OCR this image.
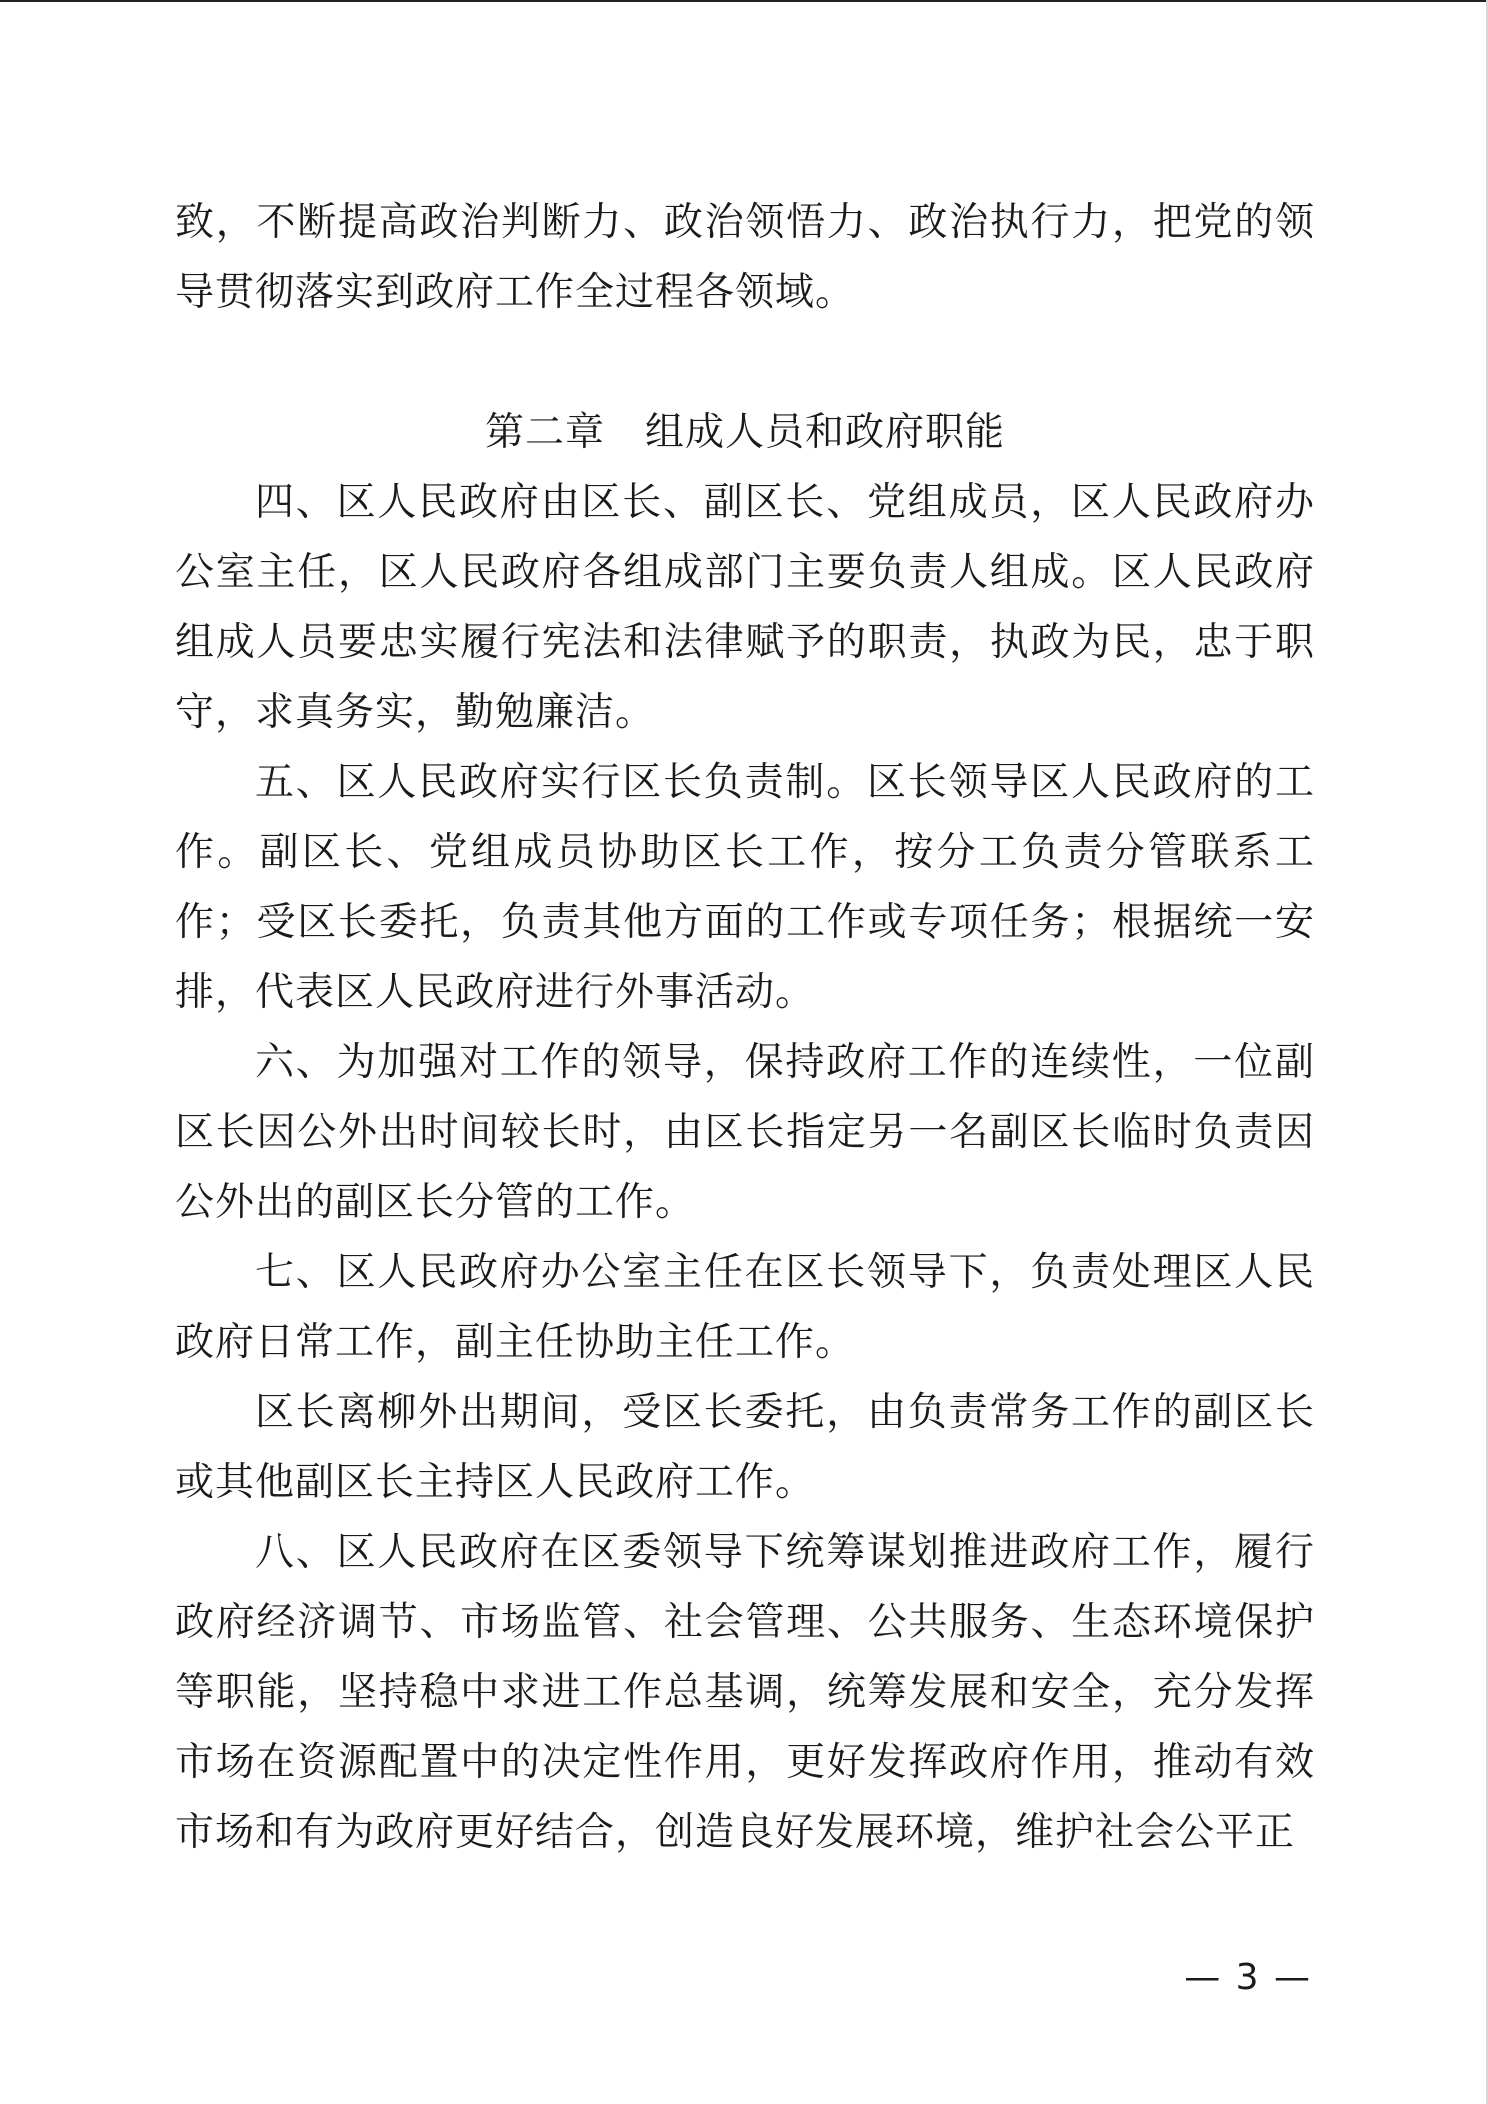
致，不断提高政治判断力、政治领悟力、政治执行力，把党的领导贯彻落实到政府工作全过程各领域。

第二章　组成人员和政府职能

四、区人民政府由区长、副区长、党组成员，区人民政府办公室主任，区人民政府各组成部门主要负责人组成。区人民政府组成人员要忠实履行宪法和法律赋予的职责，执政为民，忠于职守，求真务实，勤勉廉洁。

五、区人民政府实行区长负责制。区长领导区人民政府的工作。副区长、党组成员协助区长工作，按分工负责分管联系工作；受区长委托，负责其他方面的工作或专项任务；根据统一安排，代表区人民政府进行外事活动。

六、为加强对工作的领导，保持政府工作的连续性，一位副区长因公外出时间较长时，由区长指定另一名副区长临时负责因公外出的副区长分管的工作。

七、区人民政府办公室主任在区长领导下，负责处理区人民政府日常工作，副主任协助主任工作。

区长离柳外出期间，受区长委托，由负责常务工作的副区长或其他副区长主持区人民政府工作。

八、区人民政府在区委领导下统筹谋划推进政府工作，履行政府经济调节、市场监管、社会管理、公共服务、生态环境保护等职能，坚持稳中求进工作总基调，统筹发展和安全，充分发挥市场在资源配置中的决定性作用，更好发挥政府作用，推动有效市场和有为政府更好结合，创造良好发展环境，维护社会公平正

— 3 —
